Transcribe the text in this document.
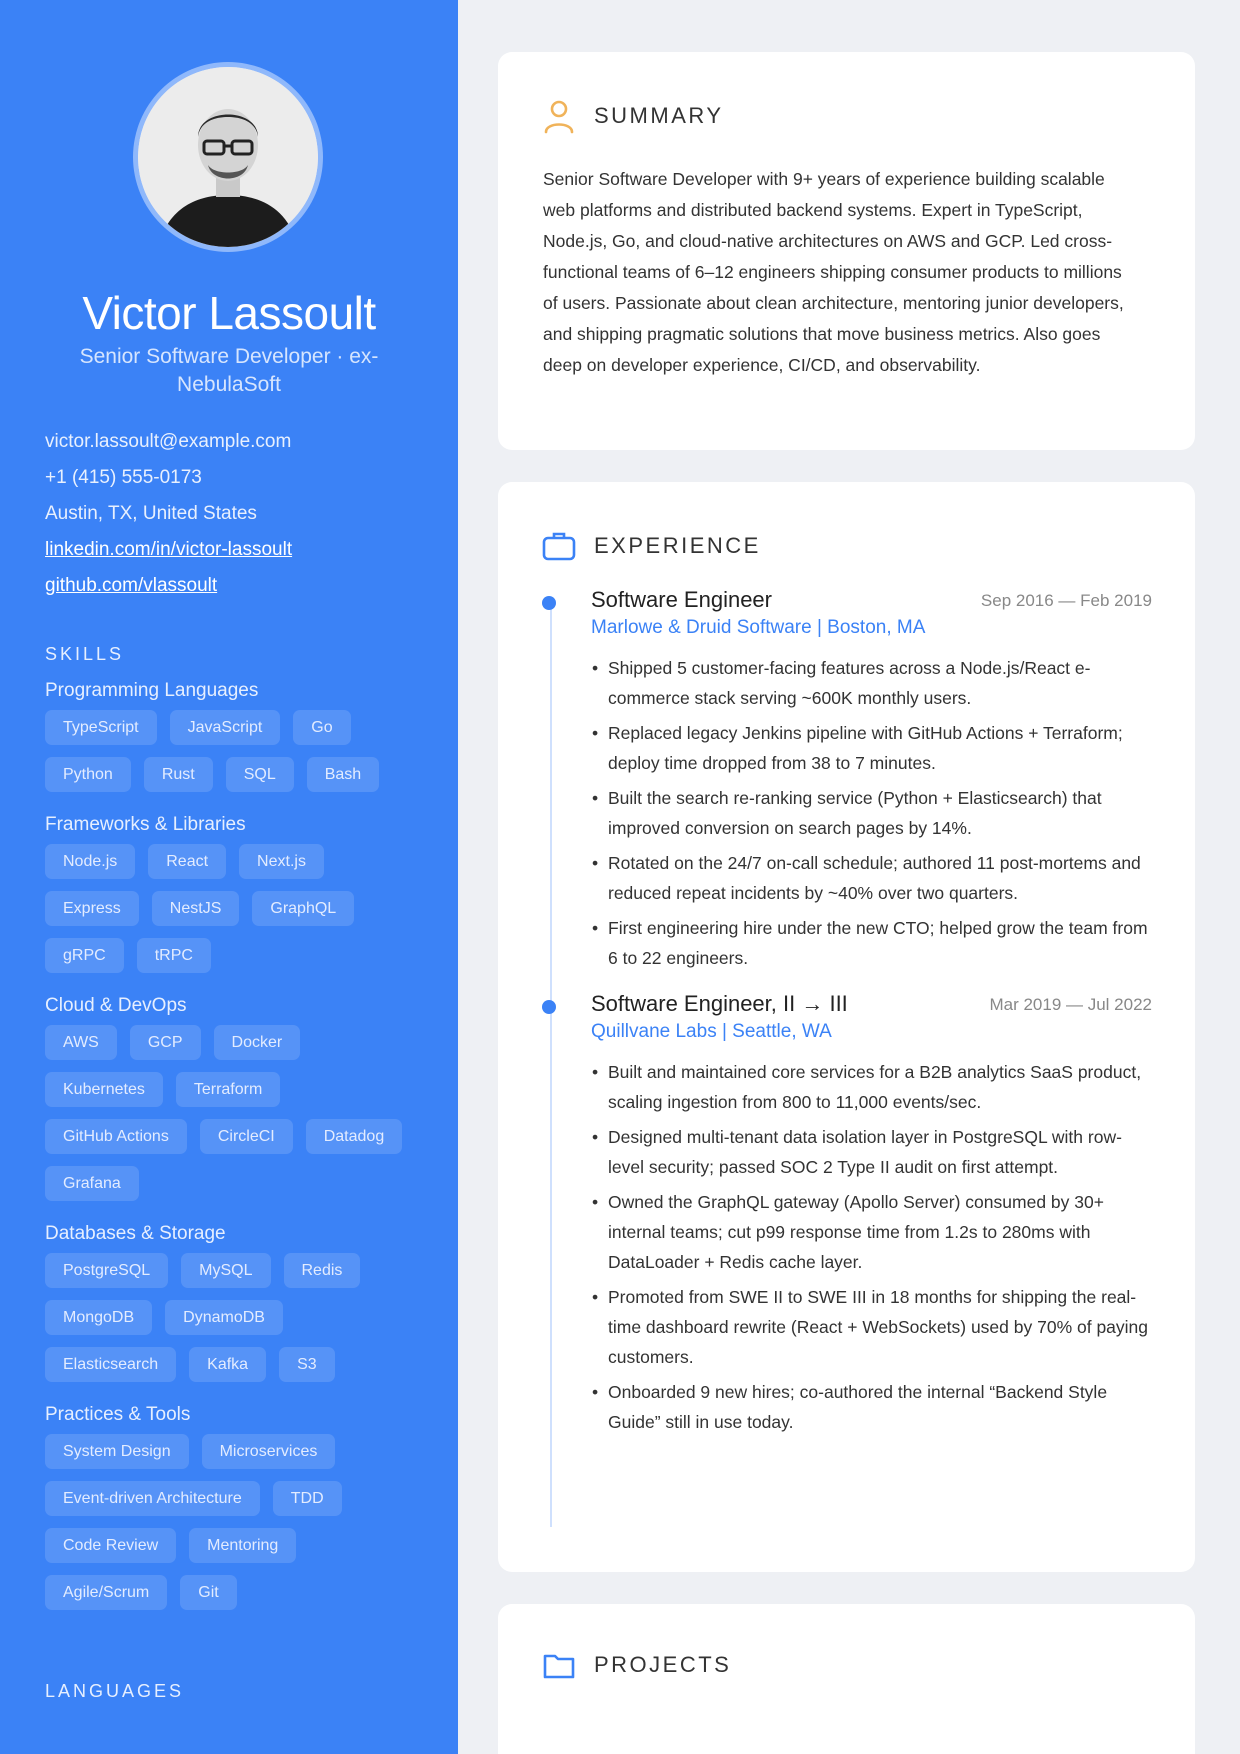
Victor Lassoult
Senior Software Developer · ex-NebulaSoft
victor.lassoult@example.com
+1 (415) 555-0173
Austin, TX, United States
linkedin.com/in/victor-lassoult
github.com/vlassoult
SKILLS
Programming Languages
TypeScript	JavaScript	Go
Python	Rust	SQL	Bash
Frameworks & Libraries
Node.js	React	Next.js
Express	NestJS	GraphQL
gRPC	tRPC
Cloud & DevOps
AWS	GCP	Docker
Kubernetes	Terraform
GitHub Actions	CircleCI	Datadog
Grafana
Databases & Storage
PostgreSQL	MySQL	Redis
MongoDB	DynamoDB
Elasticsearch	Kafka	S3
Practices & Tools
System Design	Microservices
Event-driven Architecture	TDD
Code Review	Mentoring
Agile/Scrum	Git
LANGUAGES
SUMMARY
Senior Software Developer with 9+ years of experience building scalable web platforms and distributed backend systems. Expert in TypeScript, Node.js, Go, and cloud-native architectures on AWS and GCP. Led cross-functional teams of 6–12 engineers shipping consumer products to millions of users. Passionate about clean architecture, mentoring junior developers, and shipping pragmatic solutions that move business metrics. Also goes deep on developer experience, CI/CD, and observability.
EXPERIENCE
Software Engineer	Sep 2016 — Feb 2019
Marlowe & Druid Software | Boston, MA
• Shipped 5 customer-facing features across a Node.js/React e-commerce stack serving ~600K monthly users.
• Replaced legacy Jenkins pipeline with GitHub Actions + Terraform; deploy time dropped from 38 to 7 minutes.
• Built the search re-ranking service (Python + Elasticsearch) that improved conversion on search pages by 14%.
• Rotated on the 24/7 on-call schedule; authored 11 post-mortems and reduced repeat incidents by ~40% over two quarters.
• First engineering hire under the new CTO; helped grow the team from 6 to 22 engineers.
Software Engineer, II → III	Mar 2019 — Jul 2022
Quillvane Labs | Seattle, WA
• Built and maintained core services for a B2B analytics SaaS product, scaling ingestion from 800 to 11,000 events/sec.
• Designed multi-tenant data isolation layer in PostgreSQL with row-level security; passed SOC 2 Type II audit on first attempt.
• Owned the GraphQL gateway (Apollo Server) consumed by 30+ internal teams; cut p99 response time from 1.2s to 280ms with DataLoader + Redis cache layer.
• Promoted from SWE II to SWE III in 18 months for shipping the real-time dashboard rewrite (React + WebSockets) used by 70% of paying customers.
• Onboarded 9 new hires; co-authored the internal “Backend Style Guide” still in use today.
PROJECTS
